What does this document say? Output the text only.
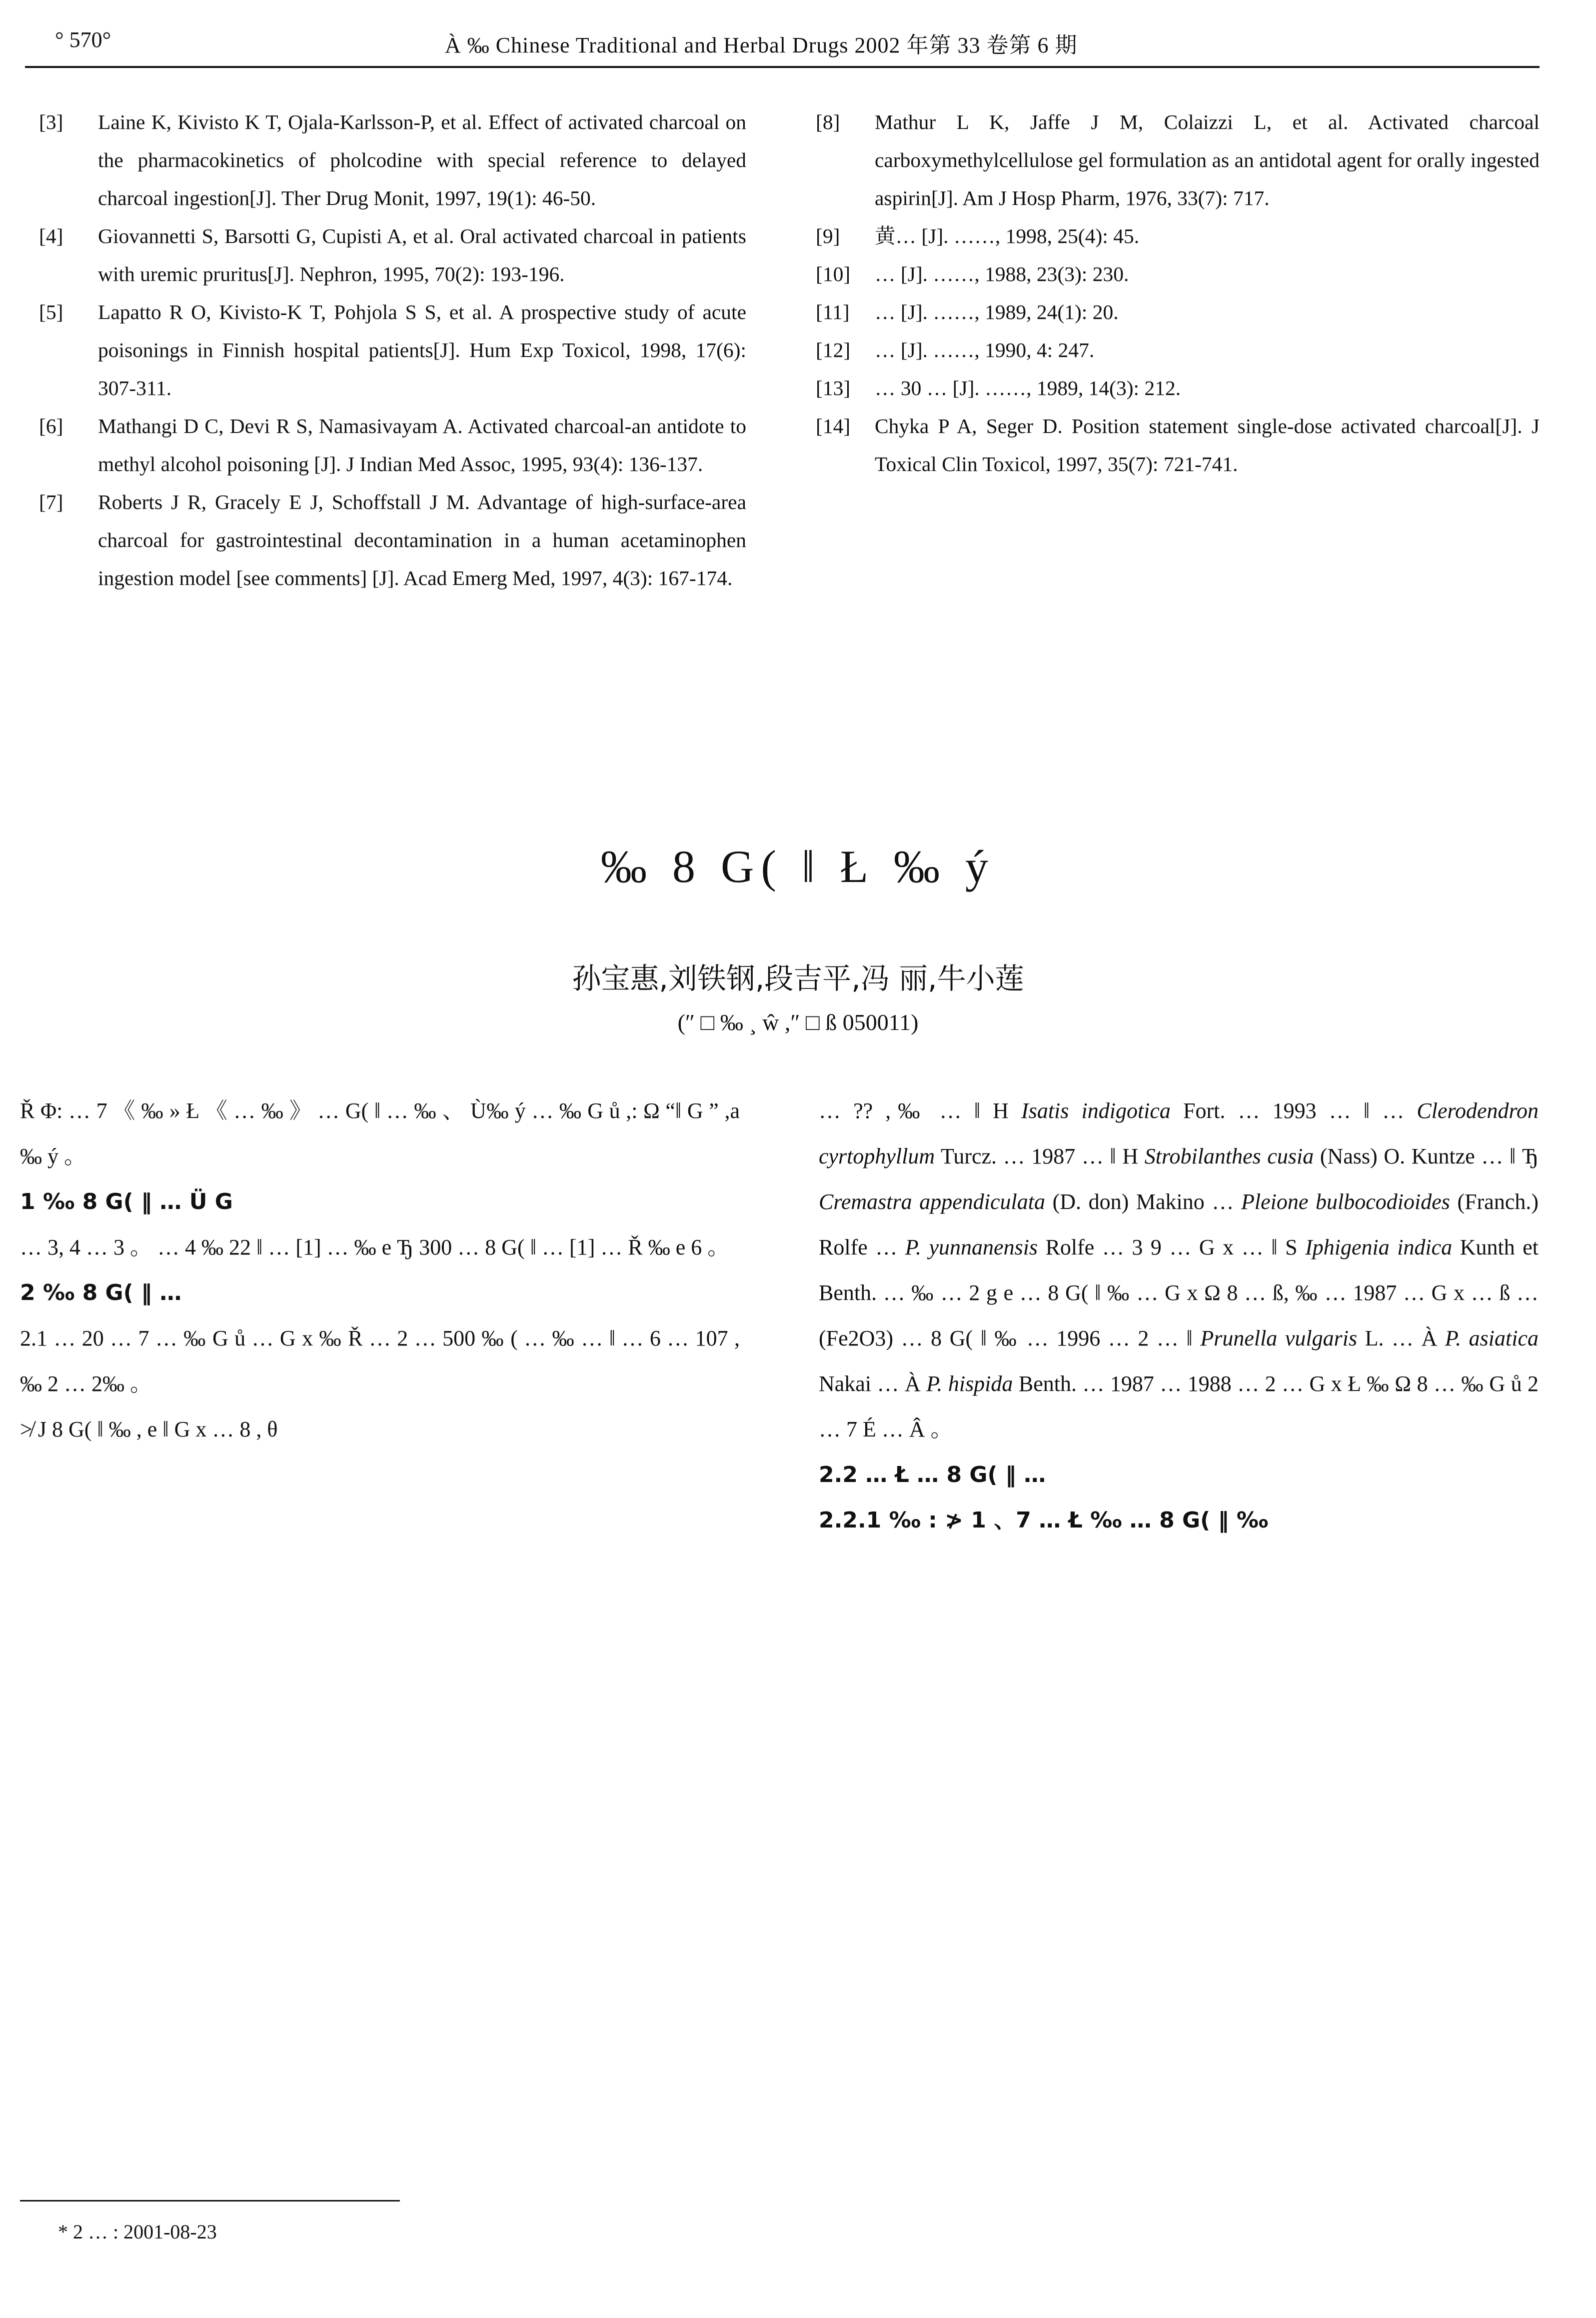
° 570°	À ‰ Chinese Traditional and Herbal Drugs 2002 年第 33 卷第 6 期
[3] Laine K, Kivisto K T, Ojala-Karlsson-P, et al. Effect of activated charcoal on the pharmacokinetics of pholcodine with special reference to delayed charcoal ingestion[J]. Ther Drug Monit, 1997, 19(1): 46-50.
[4] Giovannetti S, Barsotti G, Cupisti A, et al. Oral activated charcoal in patients with uremic pruritus[J]. Nephron, 1995, 70(2): 193-196.
[5] Lapatto R O, Kivisto-K T, Pohjola S S, et al. A prospective study of acute poisonings in Finnish hospital patients[J]. Hum Exp Toxicol, 1998, 17(6): 307-311.
[6] Mathangi D C, Devi R S, Namasivayam A. Activated charcoal-an antidote to methyl alcohol poisoning [J]. J Indian Med Assoc, 1995, 93(4): 136-137.
[7] Roberts J R, Gracely E J, Schoffstall J M. Advantage of high-surface-area charcoal for gastrointestinal decontamination in a human acetaminophen ingestion model [see comments] [J]. Acad Emerg Med, 1997, 4(3): 167-174.
[8] Mathur L K, Jaffe J M, Colaizzi L, et al. Activated charcoal carboxymethylcellulose gel formulation as an antidotal agent for orally ingested aspirin[J]. Am J Hosp Pharm, 1976, 33(7): 717.
[9] 黄… [J]. ……, 1998, 25(4): 45.
[10] … [J]. ……, 1988, 23(3): 230.
[11] … [J]. ……, 1989, 24(1): 20.
[12] … [J]. ……, 1990, 4: 247.
[13] … 30 … [J]. ……, 1989, 14(3): 212.
[14] Chyka P A, Seger D. Position statement single-dose activated charcoal[J]. J Toxical Clin Toxicol, 1997, 35(7): 721-741.
‰ 8 G( ‖ Ł ‰ ý
孙宝惠,刘铁钢,段吉平,冯 丽,牛小莲
(″ □ ‰ ¸ ŵ ,″ □ ß 050011)

Ř Φ: … 7 《 ‰ » Ł 《 … ‰ 》 … G( ‖ … ‰ 、 Ù‰ ý … ‰ G ů ,: Ω “‖ G ” ,a ‰ ý 。

1 ‰ 8 G( ‖ … Ü G

… 3, 4 … 3 。 … 4 ‰ 22 ‖ … [1] … ‰ e Ђ 300 … 8 G( ‖ … [1] … Ř ‰ e 6 。

2 ‰ 8 G( ‖ …

2.1 … 20 … 7 … ‰ G ů … G x ‰ Ř … 2 … 500 ‰ ( … ‰ … ‖ … 6 … 107 , ‰ 2 … 2‰ 。

≯ J 8 G( ‖ ‰ , e ‖ G x … 8 , θ

… ?? ,‰ … ‖ H Isatis indigotica Fort. … 1993 … ‖ … Clerodendron cyrtophyllum Turcz. … 1987 … ‖ H Strobilanthes cusia (Nass) O. Kuntze … ‖ Ђ Cremastra appendiculata (D. don) Makino … Pleione bulbocodioides (Franch.) Rolfe … P. yunnanensis Rolfe … 3 9 … G x … ‖ S Iphigenia indica Kunth et Benth. … ‰ … 2 g e … 8 G( ‖ ‰ … G x Ω 8 … ß, ‰ … 1987 … G x … ß … (Fe2O3) … 8 G( ‖ ‰ … 1996 … 2 … ‖ Prunella vulgaris L. … À P. asiatica Nakai … À P. hispida Benth. … 1987 … 1988 … 2 … G x Ł ‰ Ω 8 … ‰ G ů 2 … 7 É … Â 。

2.2 … Ł … 8 G( ‖ …

2.2.1 ‰ : ≯ 1 、7 … Ł ‰ … 8 G( ‖ ‰

* 2 … : 2001-08-23
